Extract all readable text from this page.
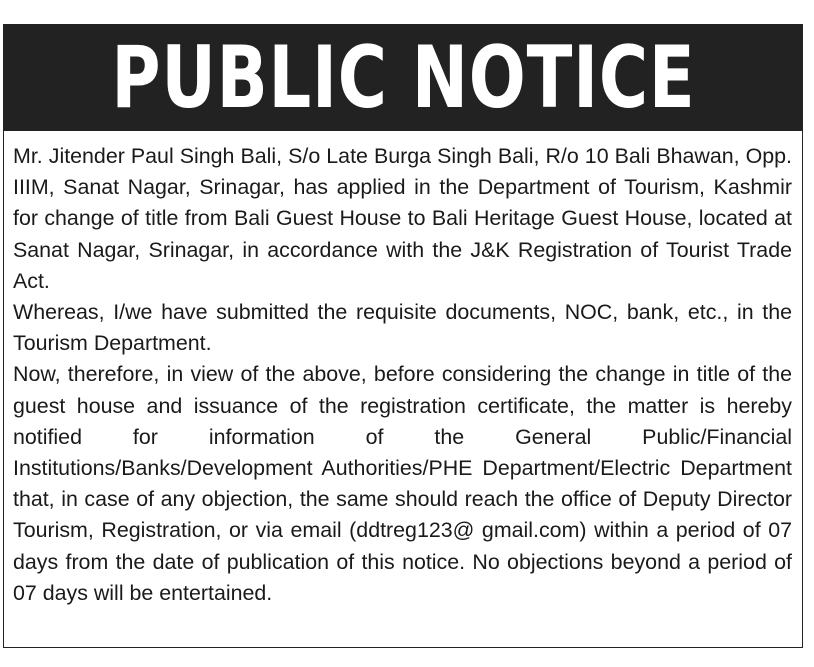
PUBLIC NOTICE

Mr. Jitender Paul Singh Bali, S/o Late Burga Singh Bali, R/o 10 Bali Bhawan, Opp. IIIM, Sanat Nagar, Srinagar, has applied in the Department of Tourism, Kashmir for change of title from Bali Guest House to Bali Heritage Guest House, located at Sanat Nagar, Srinagar, in accordance with the J&K Registration of Tourist Trade Act.

Whereas, I/we have submitted the requisite documents, NOC, bank, etc., in the Tourism Department.

Now, therefore, in view of the above, before considering the change in title of the guest house and issuance of the registration certificate, the matter is hereby notified for information of the General Public/Financial Institutions/Banks/Development Authorities/PHE Department/Electric Department that, in case of any objection, the same should reach the office of Deputy Director Tourism, Registration, or via email (ddtreg123@ gmail.com) within a period of 07 days from the date of publication of this notice. No objections beyond a period of 07 days will be entertained.
